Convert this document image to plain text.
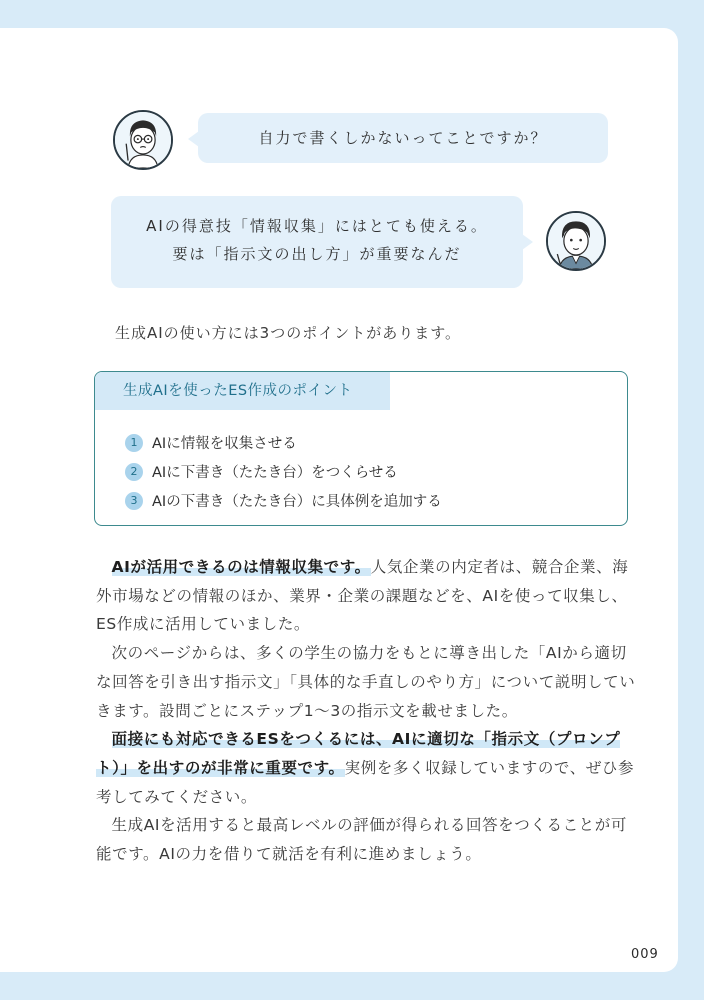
自力で書くしかないってことですか？
AIの得意技「情報収集」にはとても使える。
要は「指示文の出し方」が重要なんだ
生成AIの使い方には3つのポイントがあります。
生成AIを使ったES作成のポイント
1	AIに情報を収集させる
2	AIに下書き（たたき台）をつくらせる
3	AIの下書き（たたき台）に具体例を追加する

AIが活用できるのは情報収集です。人気企業の内定者は、競合企業、海外市場などの情報のほか、業界・企業の課題などを、AIを使って収集し、ES作成に活用していました。

次のページからは、多くの学生の協力をもとに導き出した「AIから適切な回答を引き出す指示文」「具体的な手直しのやり方」について説明していきます。設問ごとにステップ1〜3の指示文を載せました。

面接にも対応できるESをつくるには、AIに適切な「指示文（プロンプト）」を出すのが非常に重要です。実例を多く収録していますので、ぜひ参考してみてください。

生成AIを活用すると最高レベルの評価が得られる回答をつくることが可能です。AIの力を借りて就活を有利に進めましょう。

009
